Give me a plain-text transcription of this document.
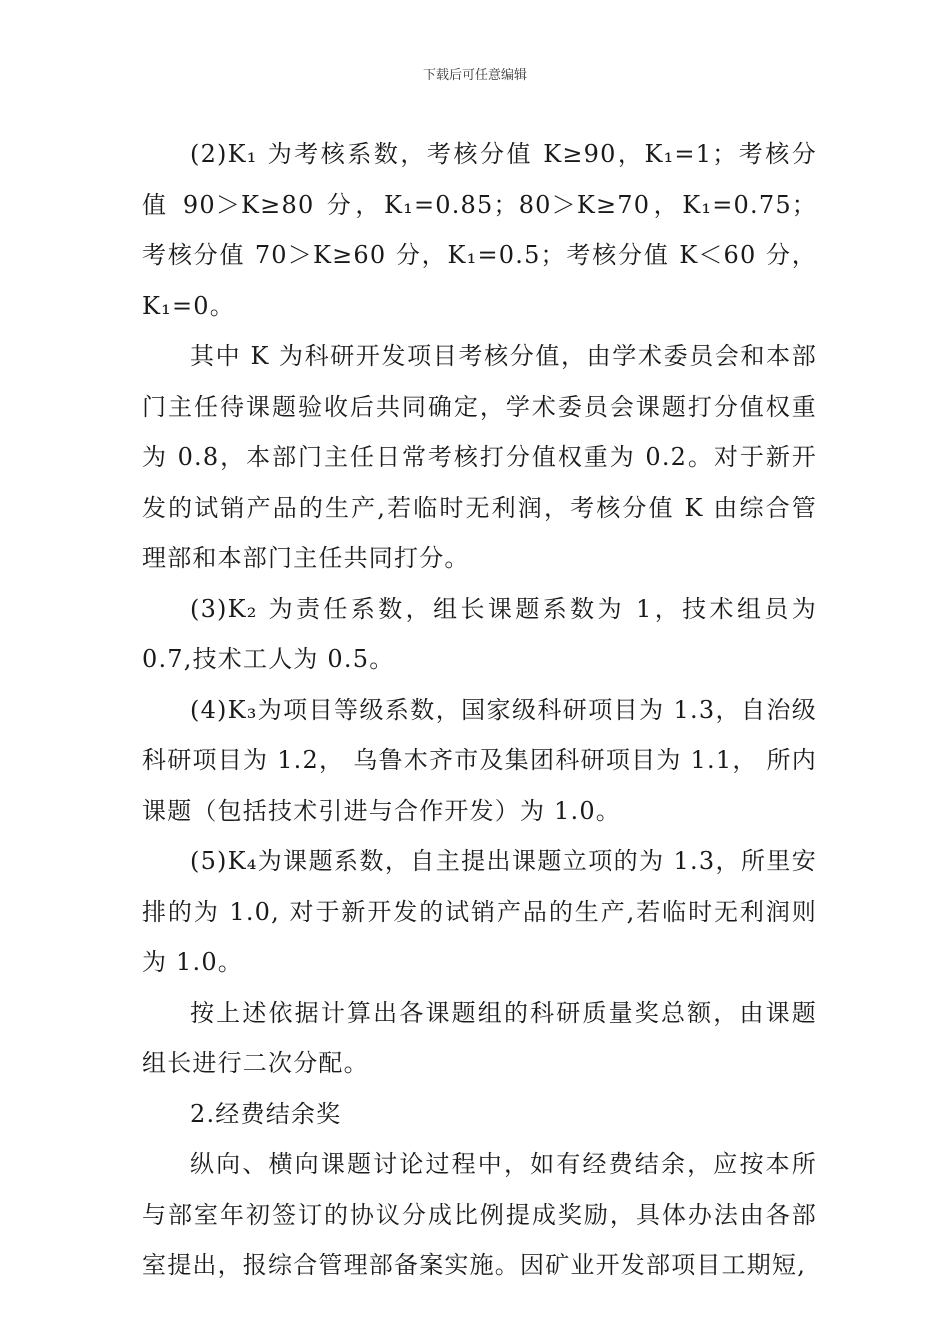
下载后可任意编辑

(2)K₁ 为考核系数，考核分值 K≥90，K₁=1；考核分值 90＞K≥80 分，K₁=0.85；80＞K≥70，K₁=0.75；考核分值 70＞K≥60 分，K₁=0.5；考核分值 K＜60 分，K₁=0。

其中 K 为科研开发项目考核分值，由学术委员会和本部门主任待课题验收后共同确定，学术委员会课题打分值权重为 0.8，本部门主任日常考核打分值权重为 0.2。对于新开发的试销产品的生产,若临时无利润，考核分值 K 由综合管理部和本部门主任共同打分。

(3)K₂ 为责任系数，组长课题系数为 1，技术组员为 0.7,技术工人为 0.5。

(4)K₃为项目等级系数，国家级科研项目为 1.3，自治级科研项目为 1.2， 乌鲁木齐市及集团科研项目为 1.1， 所内课题（包括技术引进与合作开发）为 1.0。

(5)K₄为课题系数，自主提出课题立项的为 1.3，所里安排的为 1.0, 对于新开发的试销产品的生产,若临时无利润则为 1.0。

按上述依据计算出各课题组的科研质量奖总额，由课题组长进行二次分配。

2.经费结余奖

纵向、横向课题讨论过程中，如有经费结余，应按本所与部室年初签订的协议分成比例提成奖励，具体办法由各部室提出，报综合管理部备案实施。因矿业开发部项目工期短,
